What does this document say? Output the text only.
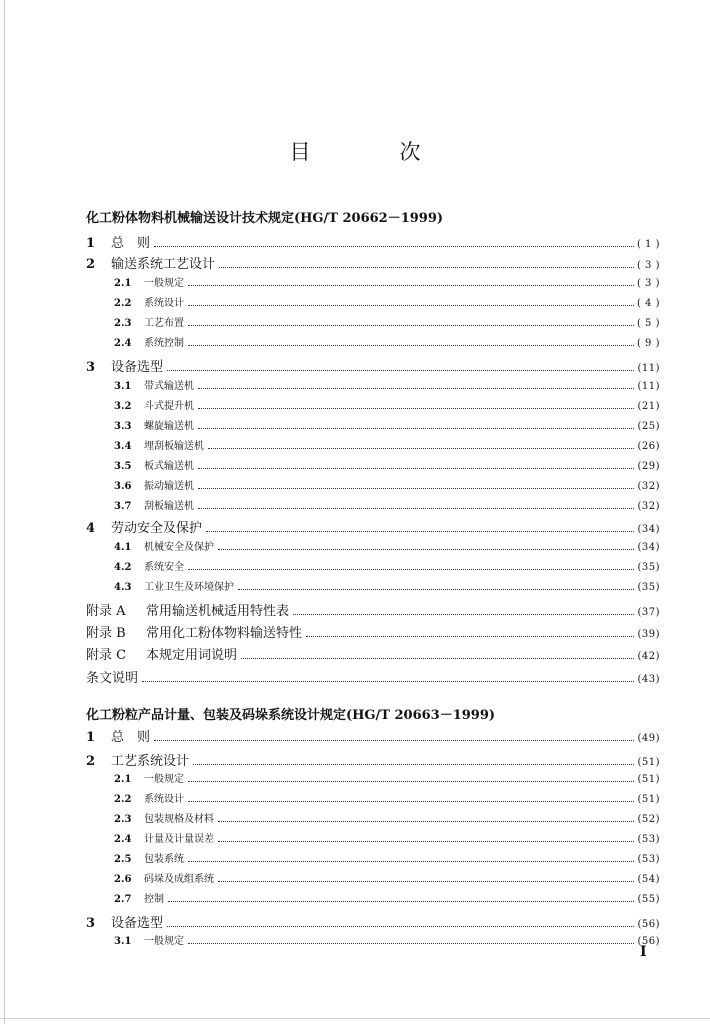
目　次
化工粉体物料机械输送设计技术规定(HG/T 20662－1999)
1	总　则	( 1 )
2	输送系统工艺设计	( 3 )
2.1	一般规定	( 3 )
2.2	系统设计	( 4 )
2.3	工艺布置	( 5 )
2.4	系统控制	( 9 )
3	设备选型	(11)
3.1	带式输送机	(11)
3.2	斗式提升机	(21)
3.3	螺旋输送机	(25)
3.4	埋刮板输送机	(26)
3.5	板式输送机	(29)
3.6	振动输送机	(32)
3.7	刮板输送机	(32)
4	劳动安全及保护	(34)
4.1	机械安全及保护	(34)
4.2	系统安全	(35)
4.3	工业卫生及环境保护	(35)
附录 A	常用输送机械适用特性表	(37)
附录 B	常用化工粉体物料输送特性	(39)
附录 C	本规定用词说明	(42)
条文说明	(43)
化工粉粒产品计量、包装及码垛系统设计规定(HG/T 20663－1999)
1	总　则	(49)
2	工艺系统设计	(51)
2.1	一般规定	(51)
2.2	系统设计	(51)
2.3	包装规格及材料	(52)
2.4	计量及计量误差	(53)
2.5	包装系统	(53)
2.6	码垛及成组系统	(54)
2.7	控制	(55)
3	设备选型	(56)
3.1	一般规定	(56)
Ⅰ
